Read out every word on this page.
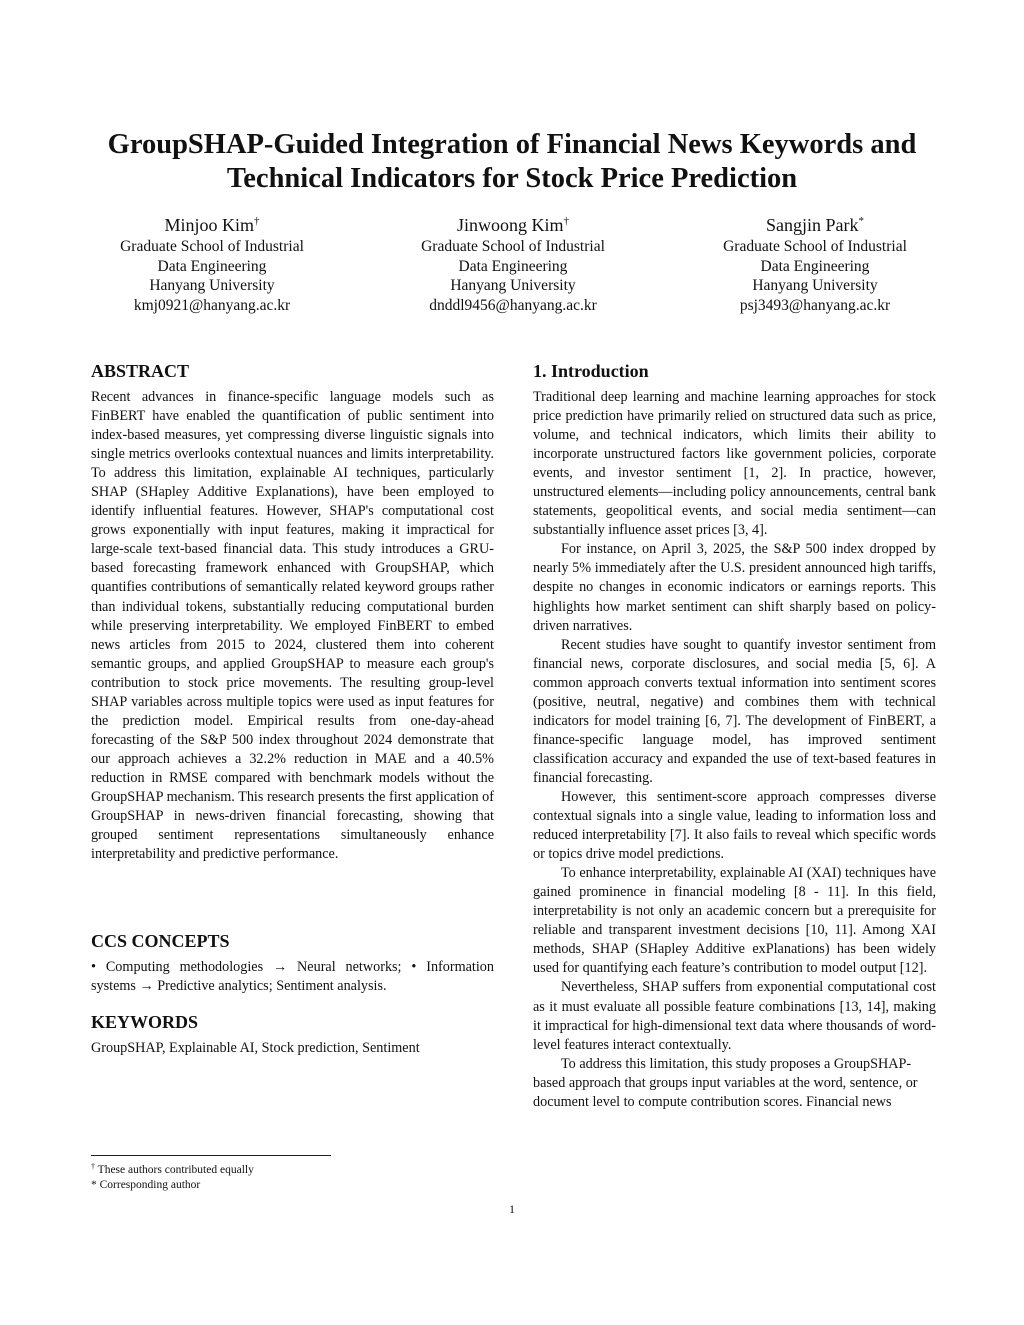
GroupSHAP-Guided Integration of Financial News Keywords and Technical Indicators for Stock Price Prediction
Minjoo Kim†
Graduate School of Industrial
Data Engineering
Hanyang University
kmj0921@hanyang.ac.kr
Jinwoong Kim†
Graduate School of Industrial
Data Engineering
Hanyang University
dnddl9456@hanyang.ac.kr
Sangjin Park*
Graduate School of Industrial
Data Engineering
Hanyang University
psj3493@hanyang.ac.kr
ABSTRACT

Recent advances in finance-specific language models such as FinBERT have enabled the quantification of public sentiment into index-based measures, yet compressing diverse linguistic signals into single metrics overlooks contextual nuances and limits interpretability. To address this limitation, explainable AI techniques, particularly SHAP (SHapley Additive Explanations), have been employed to identify influential features. However, SHAP's computational cost grows exponentially with input features, making it impractical for large-scale text-based financial data. This study introduces a GRU-based forecasting framework enhanced with GroupSHAP, which quantifies contributions of semantically related keyword groups rather than individual tokens, substantially reducing computational burden while preserving interpretability. We employed FinBERT to embed news articles from 2015 to 2024, clustered them into coherent semantic groups, and applied GroupSHAP to measure each group's contribution to stock price movements. The resulting group-level SHAP variables across multiple topics were used as input features for the prediction model. Empirical results from one-day-ahead forecasting of the S&P 500 index throughout 2024 demonstrate that our approach achieves a 32.2% reduction in MAE and a 40.5% reduction in RMSE compared with benchmark models without the GroupSHAP mechanism. This research presents the first application of GroupSHAP in news-driven financial forecasting, showing that grouped sentiment representations simultaneously enhance interpretability and predictive performance.

CCS CONCEPTS

• Computing methodologies → Neural networks; • Information systems → Predictive analytics; Sentiment analysis.

KEYWORDS

GroupSHAP, Explainable AI, Stock prediction, Sentiment

1. Introduction

Traditional deep learning and machine learning approaches for stock price prediction have primarily relied on structured data such as price, volume, and technical indicators, which limits their ability to incorporate unstructured factors like government policies, corporate events, and investor sentiment [1, 2]. In practice, however, unstructured elements—including policy announcements, central bank statements, geopolitical events, and social media sentiment—can substantially influence asset prices [3, 4].

For instance, on April 3, 2025, the S&P 500 index dropped by nearly 5% immediately after the U.S. president announced high tariffs, despite no changes in economic indicators or earnings reports. This highlights how market sentiment can shift sharply based on policy-driven narratives.

Recent studies have sought to quantify investor sentiment from financial news, corporate disclosures, and social media [5, 6]. A common approach converts textual information into sentiment scores (positive, neutral, negative) and combines them with technical indicators for model training [6, 7]. The development of FinBERT, a finance-specific language model, has improved sentiment classification accuracy and expanded the use of text-based features in financial forecasting.

However, this sentiment-score approach compresses diverse contextual signals into a single value, leading to information loss and reduced interpretability [7]. It also fails to reveal which specific words or topics drive model predictions.

To enhance interpretability, explainable AI (XAI) techniques have gained prominence in financial modeling [8 - 11]. In this field, interpretability is not only an academic concern but a prerequisite for reliable and transparent investment decisions [10, 11]. Among XAI methods, SHAP (SHapley Additive exPlanations) has been widely used for quantifying each feature’s contribution to model output [12].

Nevertheless, SHAP suffers from exponential computational cost as it must evaluate all possible feature combinations [13, 14], making it impractical for high-dimensional text data where thousands of word-level features interact contextually.

To address this limitation, this study proposes a GroupSHAP-based approach that groups input variables at the word, sentence, or document level to compute contribution scores. Financial news

† These authors contributed equally
* Corresponding author
1
